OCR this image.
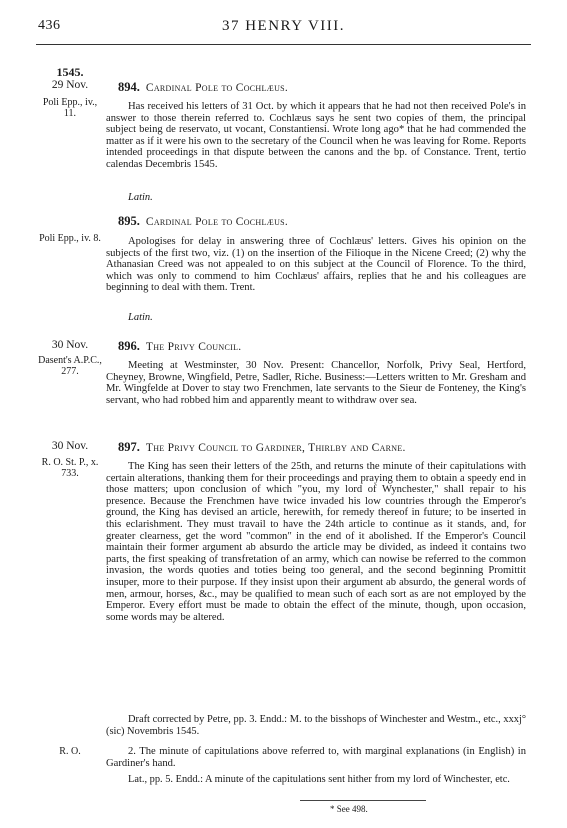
436	37 HENRY VIII.
1545.
29 Nov.
Poli Epp., iv., 11.
894. Cardinal Pole to Cochlæus.
Has received his letters of 31 Oct. by which it appears that he had not then received Pole's in answer to those therein referred to. Cochlæus says he sent two copies of them, the principal subject being de reservato, ut vocant, Constantiensi. Wrote long ago* that he had commended the matter as if it were his own to the secretary of the Council when he was leaving for Rome. Reports intended proceedings in that dispute between the canons and the bp. of Constance. Trent, tertio calendas Decembris 1545.
Latin.
Poli Epp., iv. 8.
895. Cardinal Pole to Cochlæus.
Apologises for delay in answering three of Cochlæus' letters. Gives his opinion on the subjects of the first two, viz. (1) on the insertion of the Filioque in the Nicene Creed; (2) why the Athanasian Creed was not appealed to on this subject at the Council of Florence. To the third, which was only to commend to him Cochlæus' affairs, replies that he and his colleagues are beginning to deal with them. Trent.
Latin.
30 Nov.
Dasent's A.P.C., 277.
896. The Privy Council.
Meeting at Westminster, 30 Nov. Present: Chancellor, Norfolk, Privy Seal, Hertford, Cheyney, Browne, Wingfield, Petre, Sadler, Riche. Business:—Letters written to Mr. Gresham and Mr. Wingfelde at Dover to stay two Frenchmen, late servants to the Sieur de Fonteney, the King's servant, who had robbed him and apparently meant to withdraw over sea.
30 Nov.
R. O. St. P., x. 733.
897. The Privy Council to Gardiner, Thirlby and Carne.
The King has seen their letters of the 25th, and returns the minute of their capitulations with certain alterations, thanking them for their proceedings and praying them to obtain a speedy end in those matters; upon conclusion of which "you, my lord of Wynchester," shall repair to his presence. Because the Frenchmen have twice invaded his low countries through the Emperor's ground, the King has devised an article, herewith, for remedy thereof in future; to be inserted in this eclarishment. They must travail to have the 24th article to continue as it stands, and, for greater clearness, get the word "common" in the end of it abolished. If the Emperor's Council maintain their former argument ab absurdo the article may be divided, as indeed it contains two parts, the first speaking of transfretation of an army, which can nowise be referred to the common invasion, the words quoties and toties being too general, and the second beginning Promittit insuper, more to their purpose. If they insist upon their argument ab absurdo, the general words of men, armour, horses, &c., may be qualified to mean such of each sort as are not employed by the Emperor. Every effort must be made to obtain the effect of the minute, though, upon occasion, some words may be altered.
Draft corrected by Petre, pp. 3. Endd.: M. to the bisshops of Winchester and Westm., etc., xxxj° (sic) Novembris 1545.
R. O.	2. The minute of capitulations above referred to, with marginal explanations (in English) in Gardiner's hand.
Lat., pp. 5. Endd.: A minute of the capitulations sent hither from my lord of Winchester, etc.
* See 498.
